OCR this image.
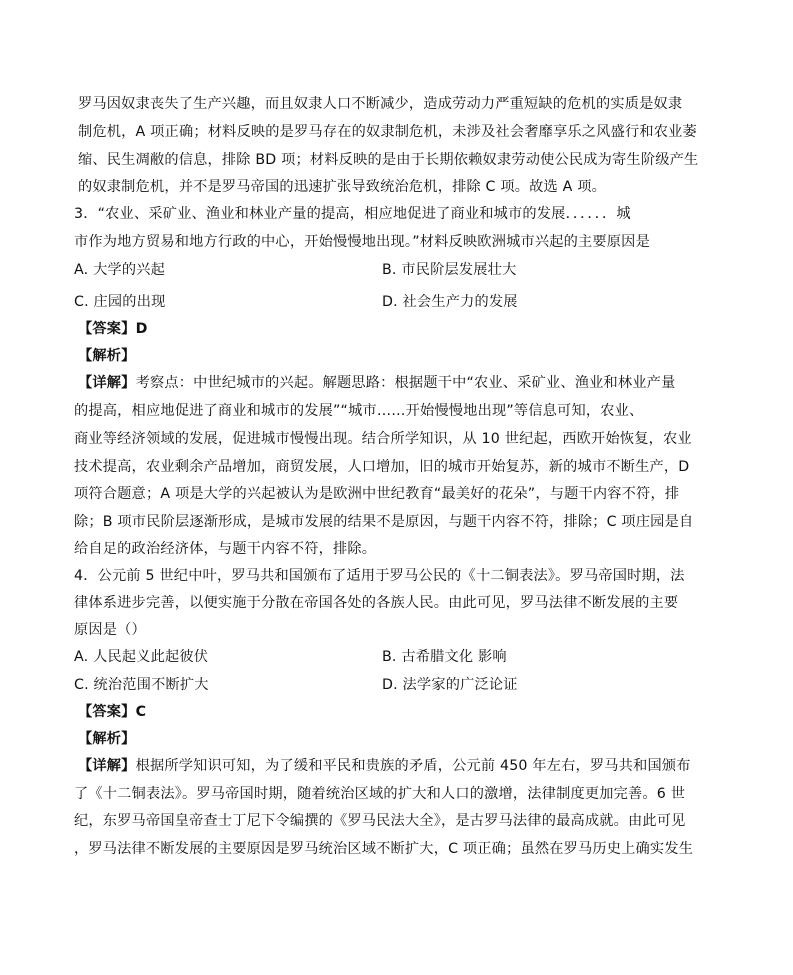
罗马因奴隶丧失了生产兴趣，而且奴隶人口不断减少，造成劳动力严重短缺的危机的实质是奴隶
制危机，A 项正确；材料反映的是罗马存在的奴隶制危机，未涉及社会奢靡享乐之风盛行和农业萎
缩、民生凋敝的信息，排除 BD 项；材料反映的是由于长期依赖奴隶劳动使公民成为寄生阶级产生
的奴隶制危机，并不是罗马帝国的迅速扩张导致统治危机，排除 C 项。故选 A 项。
3．“农业、采矿业、渔业和林业产量的提高，相应地促进了商业和城市的发展．．．．．．城
市作为地方贸易和地方行政的中心，开始慢慢地出现。”材料反映欧洲城市兴起的主要原因是
A. 大学的兴起	B. 市民阶层发展壮大
C. 庄园的出现	D. 社会生产力的发展
【答案】D
【解析】
【详解】考察点：中世纪城市的兴起。解题思路：根据题干中“农业、采矿业、渔业和林业产量
的提高，相应地促进了商业和城市的发展”“城市……开始慢慢地出现”等信息可知，农业、
商业等经济领域的发展，促进城市慢慢出现。结合所学知识，从 10 世纪起，西欧开始恢复，农业
技术提高，农业剩余产品增加，商贸发展，人口增加，旧的城市开始复苏，新的城市不断生产，D
项符合题意；A 项是大学的兴起被认为是欧洲中世纪教育“最美好的花朵”，与题干内容不符，排
除；B 项市民阶层逐渐形成，是城市发展的结果不是原因，与题干内容不符，排除；C 项庄园是自
给自足的政治经济体，与题干内容不符，排除。
4．公元前 5 世纪中叶，罗马共和国颁布了适用于罗马公民的《十二铜表法》。罗马帝国时期，法
律体系进步完善，以便实施于分散在帝国各处的各族人民。由此可见，罗马法律不断发展的主要
原因是（）
A. 人民起义此起彼伏	B. 古希腊文化 影响
C. 统治范围不断扩大	D. 法学家的广泛论证
【答案】C
【解析】
【详解】根据所学知识可知，为了缓和平民和贵族的矛盾，公元前 450 年左右，罗马共和国颁布
了《十二铜表法》。罗马帝国时期，随着统治区域的扩大和人口的激增，法律制度更加完善。6 世
纪，东罗马帝国皇帝查士丁尼下令编撰的《罗马民法大全》，是古罗马法律的最高成就。由此可见
，罗马法律不断发展的主要原因是罗马统治区域不断扩大，C 项正确；虽然在罗马历史上确实发生
